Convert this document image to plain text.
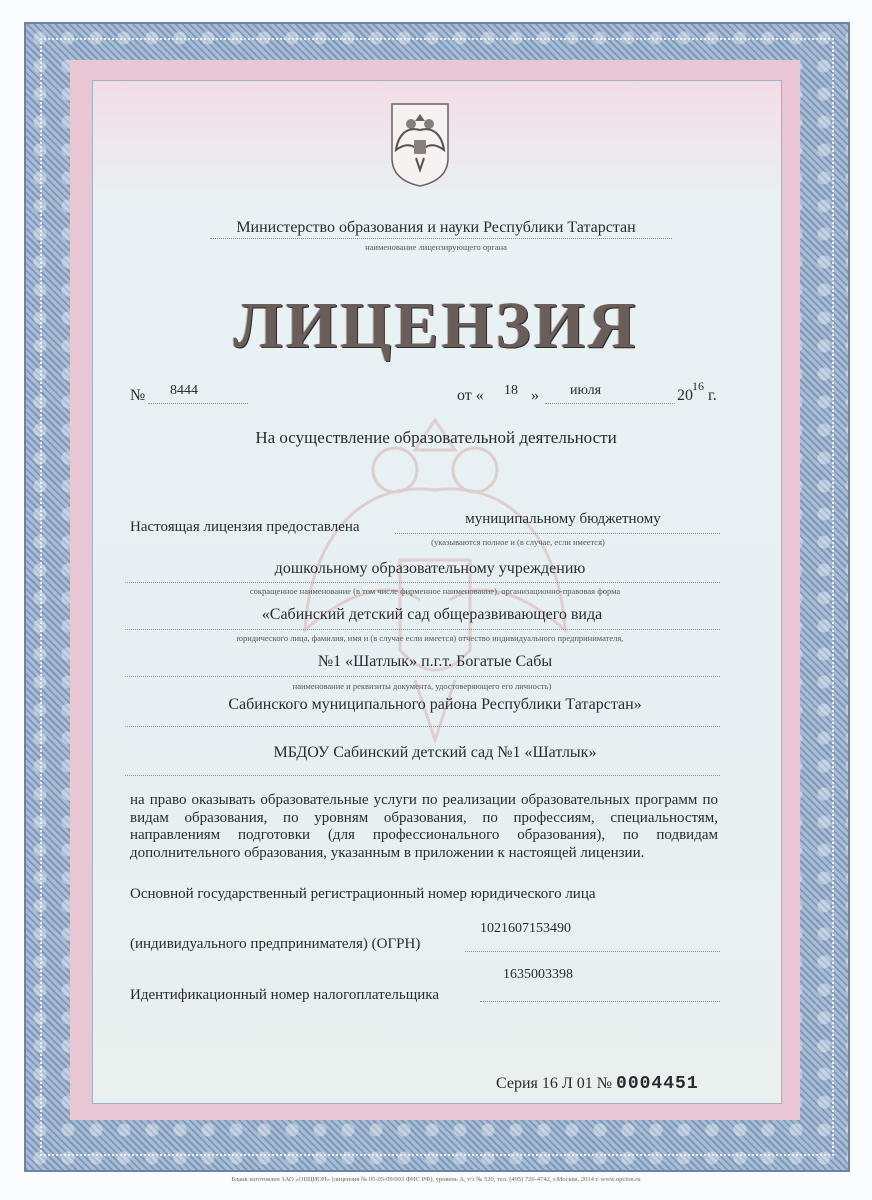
Министерство образования и науки Республики Татарстан
наименование лицензирующего органа
ЛИЦЕНЗИЯ
№ 8444	от « 18 » июля	20
16
г.
На осуществление образовательной деятельности
Настоящая лицензия предоставлена	муниципальному бюджетному
(указываются полное и (в случае, если имеется)
дошкольному образовательному учреждению
сокращенное наименование (в том числе фирменное наименование), организационно-правовая форма
«Сабинский детский сад общеразвивающего вида
юридического лица, фамилия, имя и (в случае если имеется) отчество индивидуального предпринимателя,
№1 «Шатлык» п.г.т. Богатые Сабы
наименование и реквизиты документа, удостоверяющего его личность)
Сабинского муниципального района Республики Татарстан»
МБДОУ Сабинский детский сад №1 «Шатлык»
на право оказывать образовательные услуги по реализации образовательных программ по видам образования, по уровням образования, по профессиям, специальностям, направлениям подготовки (для профессионального образования), по подвидам дополнительного образования, указанным в приложении к настоящей лицензии.
Основной государственный регистрационный номер юридического лица
(индивидуального предпринимателя) (ОГРН)
1021607153490
Идентификационный номер налогоплательщика
1635003398
Серия 16 Л 01 № 0004451
Бланк изготовлен ЗАО «ОПЦИОН» (лицензия № 05-05-09/003 ФНС РФ), уровень А, т/з № 520, тел. (495) 726-4742, г.Москва, 2014 г. www.opcion.ru
